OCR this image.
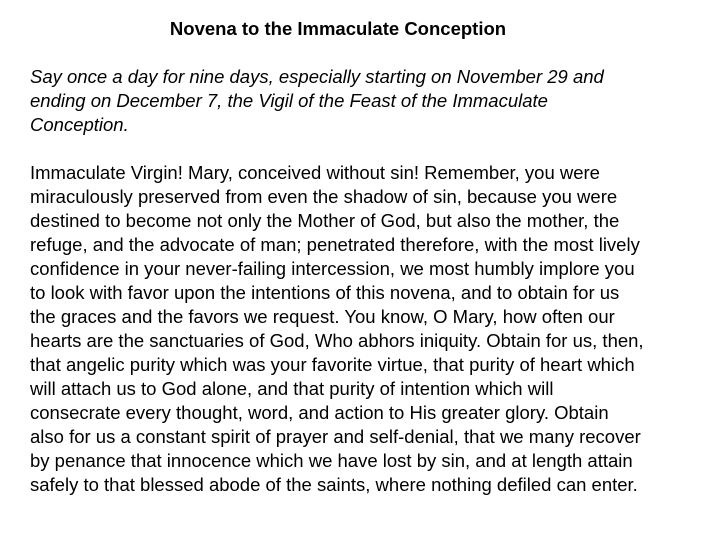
Novena to the Immaculate Conception

Say once a day for nine days, especially starting on November 29 and
ending on December 7, the Vigil of the Feast of the Immaculate
Conception.

Immaculate Virgin! Mary, conceived without sin! Remember, you were
miraculously preserved from even the shadow of sin, because you were
destined to become not only the Mother of God, but also the mother, the
refuge, and the advocate of man; penetrated therefore, with the most lively
confidence in your never-failing intercession, we most humbly implore you
to look with favor upon the intentions of this novena, and to obtain for us
the graces and the favors we request. You know, O Mary, how often our
hearts are the sanctuaries of God, Who abhors iniquity. Obtain for us, then,
that angelic purity which was your favorite virtue, that purity of heart which
will attach us to God alone, and that purity of intention which will
consecrate every thought, word, and action to His greater glory. Obtain
also for us a constant spirit of prayer and self-denial, that we many recover
by penance that innocence which we have lost by sin, and at length attain
safely to that blessed abode of the saints, where nothing defiled can enter.
